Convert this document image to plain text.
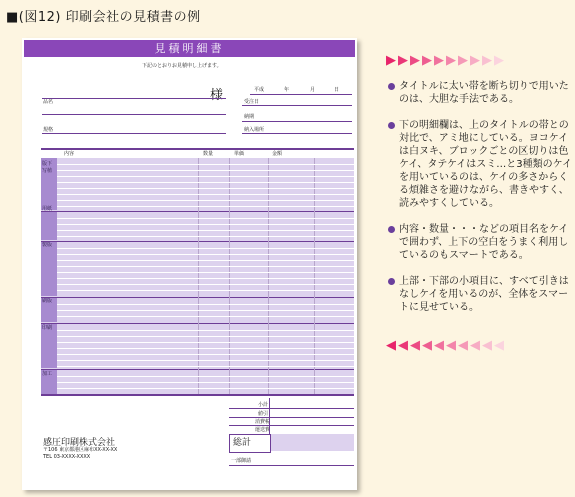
■(図12) 印刷会社の見積書の例
見積明細書
下記のとおりお見積申し上げます。
平成	年	月	日
様
品名	受注日
納期
規格	納入場所
内容	数量	単価	金額
版下
写植
用紙
製版
刷版
印刷
加工
小計
値引
消費税
運送費
総計
一部御請
感圧印刷株式会社
〒106 東京都港区麻布XX-XX-XX
TEL 03-XXXX-XXXX
▶▶▶▶▶▶▶▶▶▶
◀◀◀◀◀◀◀◀◀◀
タイトルに太い帯を断ち切りで用いたのは、大胆な手法である。
下の明細欄は、上のタイトルの帯との対比で、アミ地にしている。ヨコケイは白ヌキ、ブロックごとの区切りは色ケイ、タテケイはスミ…と3種類のケイを用いているのは、ケイの多さからくる煩雑さを避けながら、書きやすく、読みやすくしている。
内容・数量・・・などの項目名をケイで囲わず、上下の空白をうまく利用しているのもスマートである。
上部・下部の小項目に、すべて引きはなしケイを用いるのが、全体をスマートに見せている。
